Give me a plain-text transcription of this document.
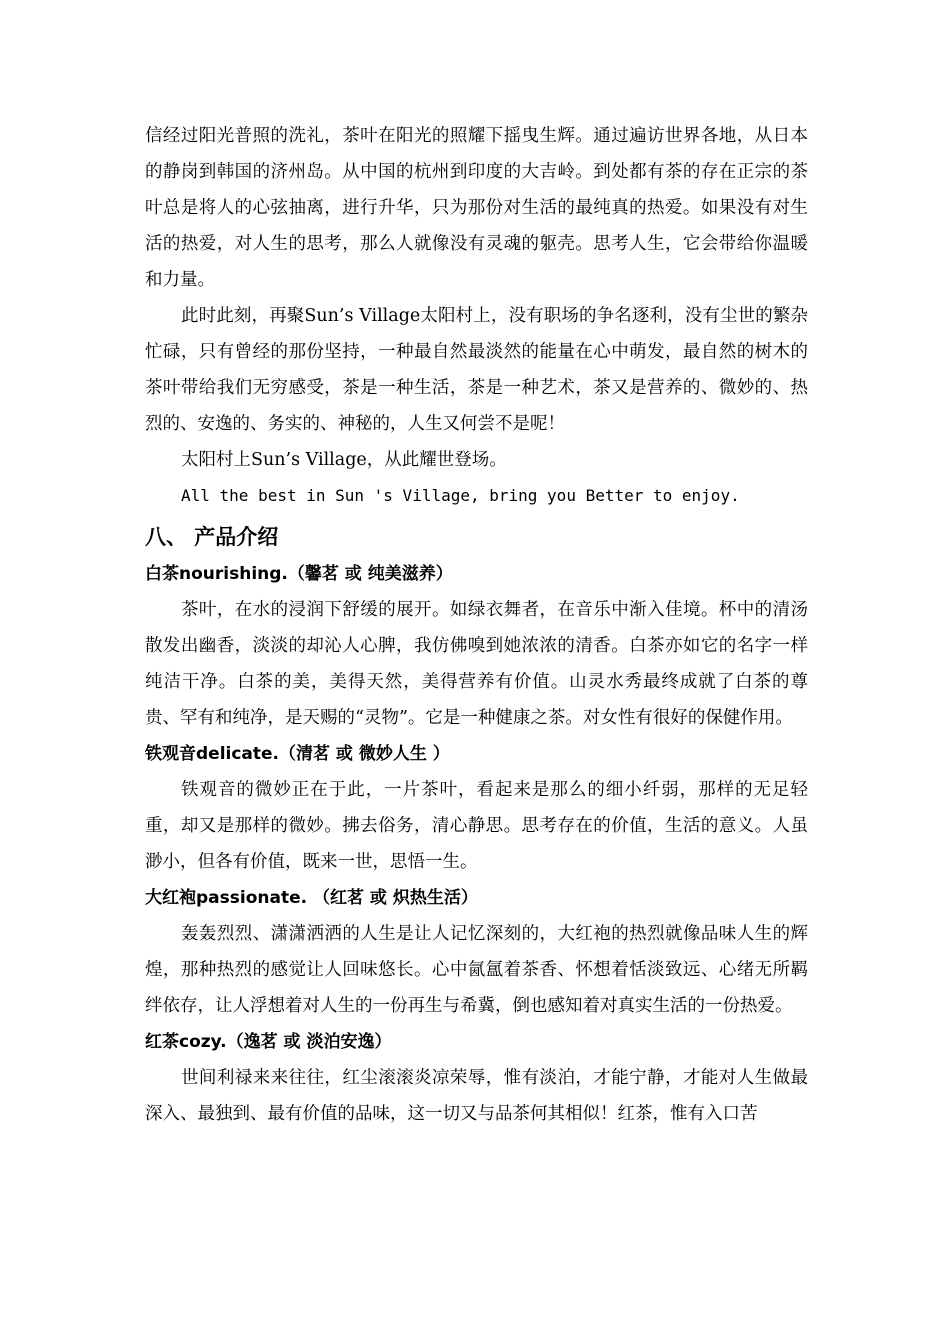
信经过阳光普照的洗礼，茶叶在阳光的照耀下摇曳生辉。通过遍访世界各地，从日本的静岗到韩国的济州岛。从中国的杭州到印度的大吉岭。到处都有茶的存在正宗的茶叶总是将人的心弦抽离，进行升华，只为那份对生活的最纯真的热爱。如果没有对生活的热爱，对人生的思考，那么人就像没有灵魂的躯壳。思考人生，它会带给你温暖和力量。

此时此刻，再聚Sun’s Village太阳村上，没有职场的争名逐利，没有尘世的繁杂忙碌，只有曾经的那份坚持，一种最自然最淡然的能量在心中萌发，最自然的树木的茶叶带给我们无穷感受，茶是一种生活，茶是一种艺术，茶又是营养的、微妙的、热烈的、安逸的、务实的、神秘的，人生又何尝不是呢！

太阳村上Sun’s Village，从此耀世登场。

All the best in Sun 's Village, bring you Better to enjoy.

八、 产品介绍

白茶nourishing.（馨茗 或 纯美滋养）

茶叶，在水的浸润下舒缓的展开。如绿衣舞者，在音乐中渐入佳境。杯中的清汤散发出幽香，淡淡的却沁人心脾，我仿佛嗅到她浓浓的清香。白茶亦如它的名字一样纯洁干净。白茶的美，美得天然，美得营养有价值。山灵水秀最终成就了白茶的尊贵、罕有和纯净，是天赐的“灵物”。它是一种健康之茶。对女性有很好的保健作用。

铁观音delicate.（清茗 或 微妙人生 ）

铁观音的微妙正在于此，一片茶叶，看起来是那么的细小纤弱，那样的无足轻重，却又是那样的微妙。拂去俗务，清心静思。思考存在的价值，生活的意义。人虽渺小，但各有价值，既来一世，思悟一生。

大红袍passionate. （红茗 或 炽热生活）

轰轰烈烈、潇潇洒洒的人生是让人记忆深刻的，大红袍的热烈就像品味人生的辉煌，那种热烈的感觉让人回味悠长。心中氤氲着茶香、怀想着恬淡致远、心绪无所羁绊依存，让人浮想着对人生的一份再生与希冀，倒也感知着对真实生活的一份热爱。

红茶cozy.（逸茗 或 淡泊安逸）

世间利禄来来往往，红尘滚滚炎凉荣辱，惟有淡泊，才能宁静，才能对人生做最深入、最独到、最有价值的品味，这一切又与品茶何其相似！红茶，惟有入口苦
